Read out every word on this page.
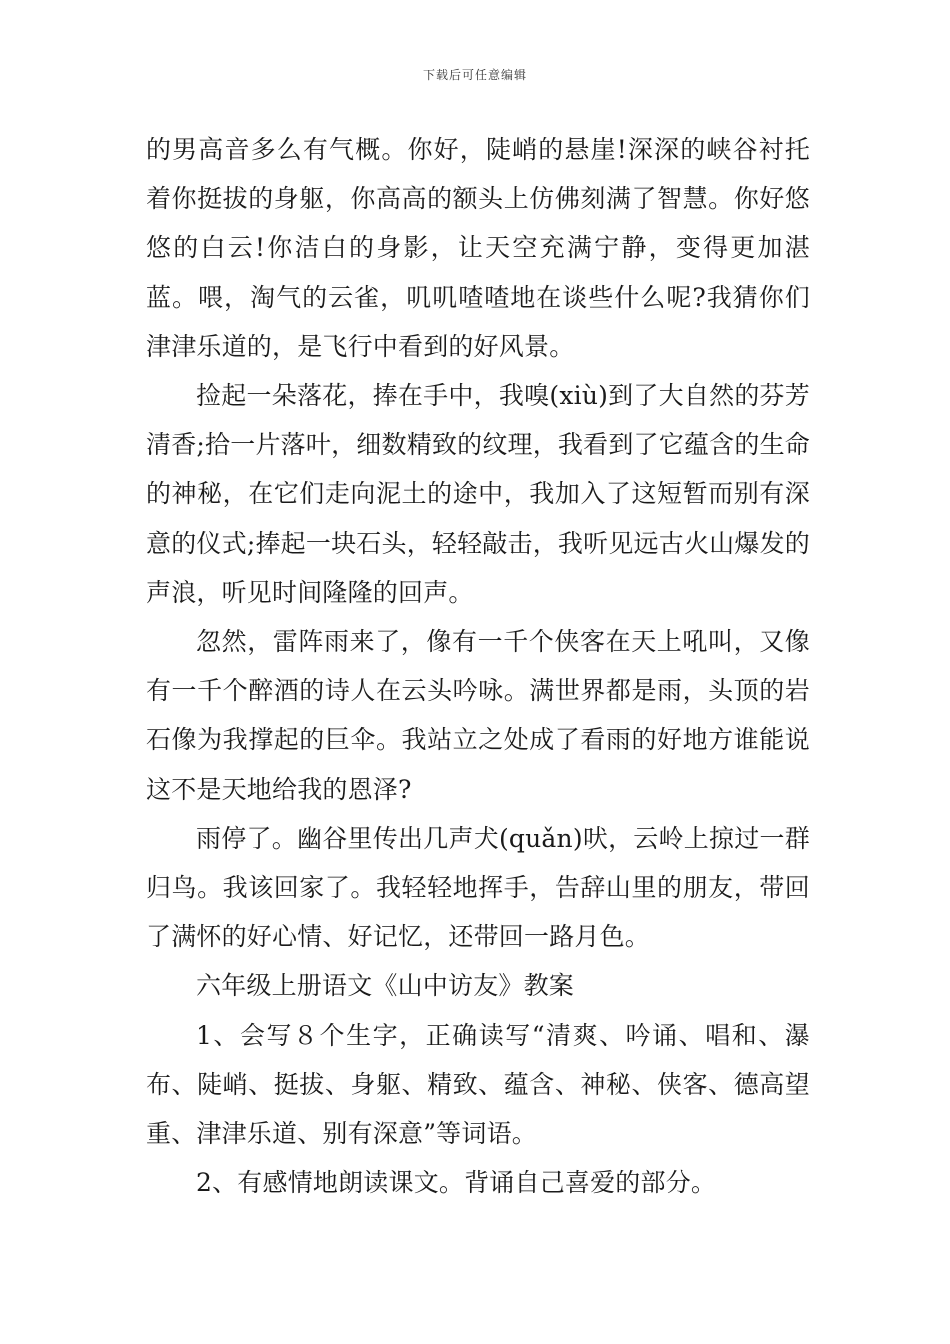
下载后可任意编辑

的男高音多么有气概。你好，陡峭的悬崖!深深的峡谷衬托着你挺拔的身躯，你高高的额头上仿佛刻满了智慧。你好悠悠的白云!你洁白的身影，让天空充满宁静，变得更加湛蓝。喂，淘气的云雀，叽叽喳喳地在谈些什么呢?我猜你们津津乐道的，是飞行中看到的好风景。

捡起一朵落花，捧在手中，我嗅(xiù)到了大自然的芬芳清香;拾一片落叶，细数精致的纹理，我看到了它蕴含的生命的神秘，在它们走向泥土的途中，我加入了这短暂而别有深意的仪式;捧起一块石头，轻轻敲击，我听见远古火山爆发的声浪，听见时间隆隆的回声。

忽然，雷阵雨来了，像有一千个侠客在天上吼叫，又像有一千个醉酒的诗人在云头吟咏。满世界都是雨，头顶的岩石像为我撑起的巨伞。我站立之处成了看雨的好地方谁能说这不是天地给我的恩泽?

雨停了。幽谷里传出几声犬(quǎn)吠，云岭上掠过一群归鸟。我该回家了。我轻轻地挥手，告辞山里的朋友，带回了满怀的好心情、好记忆，还带回一路月色。

六年级上册语文《山中访友》教案

1、会写８个生字，正确读写“清爽、吟诵、唱和、瀑布、陡峭、挺拔、身躯、精致、蕴含、神秘、侠客、德高望重、津津乐道、别有深意”等词语。

2、有感情地朗读课文。背诵自己喜爱的部分。
